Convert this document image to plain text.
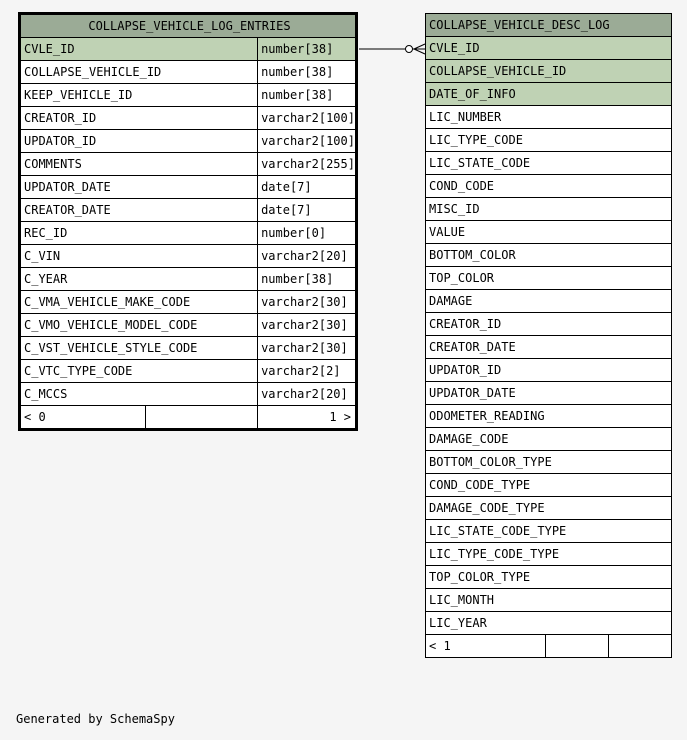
COLLAPSE_VEHICLE_LOG_ENTRIES		
CVLE_ID		number[38]
COLLAPSE_VEHICLE_ID		number[38]
KEEP_VEHICLE_ID		number[38]
CREATOR_ID		varchar2[100]
UPDATOR_ID		varchar2[100]
COMMENTS		varchar2[255]
UPDATOR_DATE		date[7]
CREATOR_DATE		date[7]
REC_ID		number[0]
C_VIN		varchar2[20]
C_YEAR		number[38]
C_VMA_VEHICLE_MAKE_CODE		varchar2[30]
C_VMO_VEHICLE_MODEL_CODE		varchar2[30]
C_VST_VEHICLE_STYLE_CODE		varchar2[30]
C_VTC_TYPE_CODE		varchar2[2]
C_MCCS		varchar2[20]
< 0		1 >
COLLAPSE_VEHICLE_DESC_LOG
CVLE_ID
COLLAPSE_VEHICLE_ID
DATE_OF_INFO
LIC_NUMBER
LIC_TYPE_CODE
LIC_STATE_CODE
COND_CODE
MISC_ID
VALUE
BOTTOM_COLOR
TOP_COLOR
DAMAGE
CREATOR_ID
CREATOR_DATE
UPDATOR_ID
UPDATOR_DATE
ODOMETER_READING
DAMAGE_CODE
BOTTOM_COLOR_TYPE
COND_CODE_TYPE
DAMAGE_CODE_TYPE
LIC_STATE_CODE_TYPE
LIC_TYPE_CODE_TYPE
TOP_COLOR_TYPE
LIC_MONTH
LIC_YEAR
< 1		
Generated by SchemaSpy
